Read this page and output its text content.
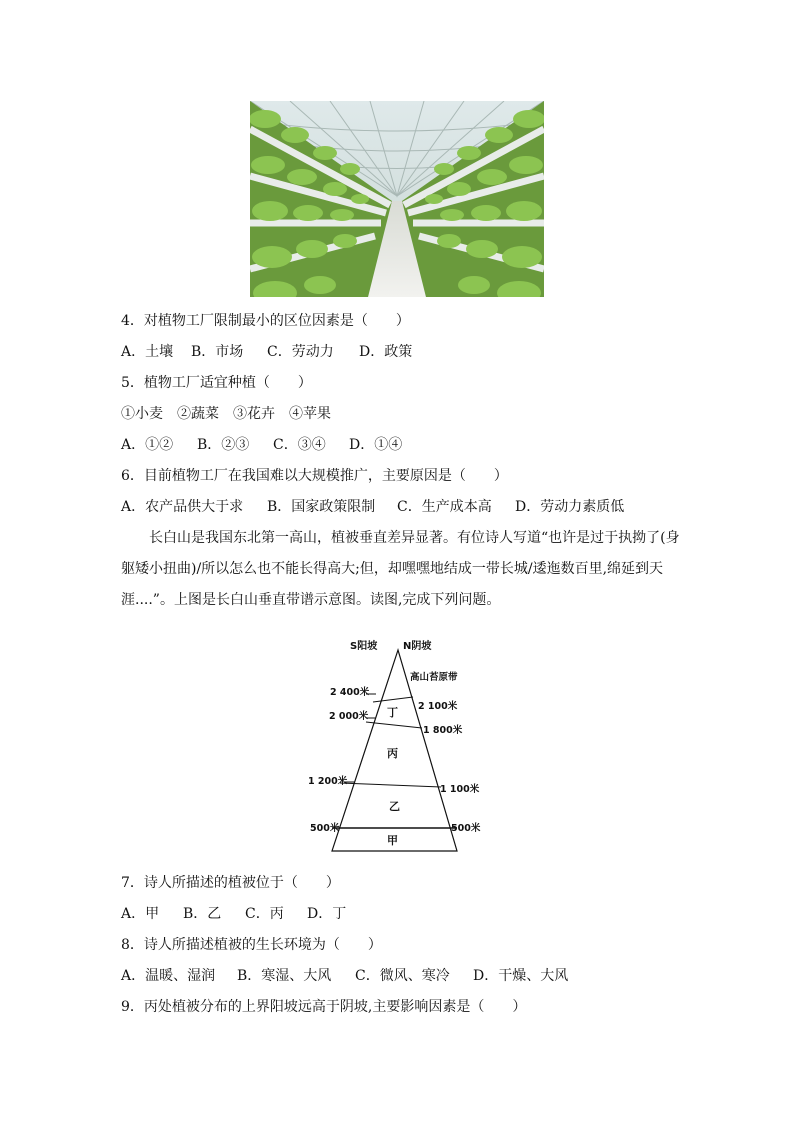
4．对植物工厂限制最小的区位因素是（　　）
A．土壤 B．市场 C．劳动力 D．政策
5．植物工厂适宜种植（　　）
①小麦　②蔬菜　③花卉　④苹果
A．①② B．②③ C．③④ D．①④
6．目前植物工厂在我国难以大规模推广，主要原因是（　　）
A．农产品供大于求 B．国家政策限制 C．生产成本高 D．劳动力素质低
长白山是我国东北第一高山，植被垂直差异显著。有位诗人写道“也许是过于执拗了(身躯矮小扭曲)/所以怎么也不能长得高大;但，却嘿嘿地结成一带长城/逶迤数百里,绵延到天涯....”。上图是长白山垂直带谱示意图。读图,完成下列问题。
S阳坡	N阴坡
高山苔原带
2 400米
2 000米
1 200米
500米
2 100米
1 800米
1 100米
500米
丁
丙
乙
甲
7．诗人所描述的植被位于（　　）
A．甲 B．乙 C．丙 D．丁
8．诗人所描述植被的生长环境为（　　）
A．温暖、湿润 B．寒湿、大风 C．微风、寒冷 D．干燥、大风
9．丙处植被分布的上界阳坡远高于阴坡,主要影响因素是（　　）
